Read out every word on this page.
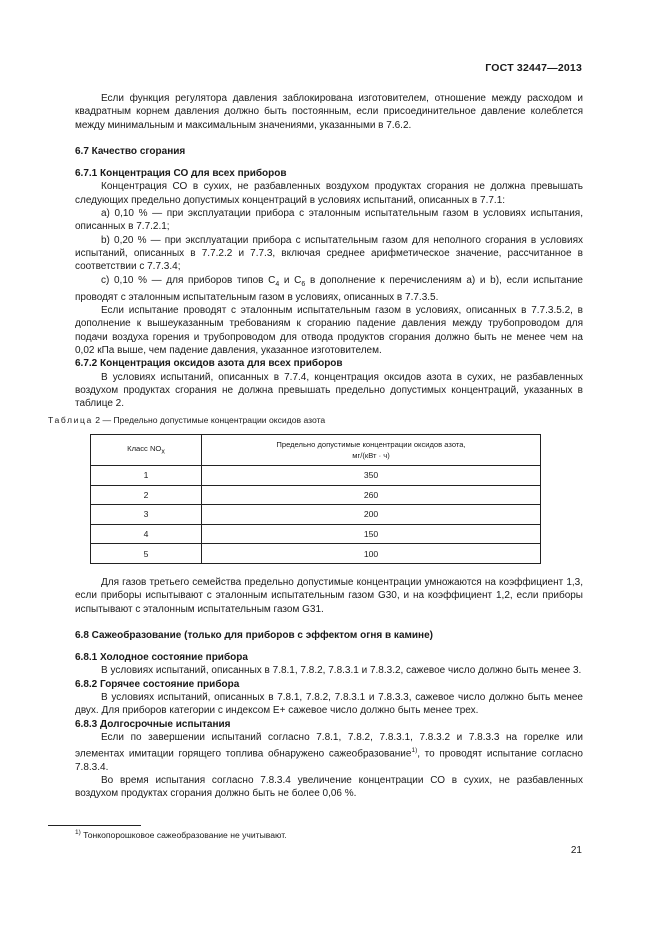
ГОСТ 32447—2013

Если функция регулятора давления заблокирована изготовителем, отношение между расходом и квадратным корнем давления должно быть постоянным, если присоединительное давление колеблется между минимальным и максимальным значениями, указанными в 7.6.2.

6.7 Качество сгорания

6.7.1 Концентрация СО для всех приборов

Концентрация СО в сухих, не разбавленных воздухом продуктах сгорания не должна превышать следующих предельно допустимых концентраций в условиях испытаний, описанных в 7.7.1:

a) 0,10 % — при эксплуатации прибора с эталонным испытательным газом в условиях испытания, описанных в 7.7.2.1;

b) 0,20 % — при эксплуатации прибора с испытательным газом для неполного сгорания в условиях испытаний, описанных в 7.7.2.2 и 7.7.3, включая среднее арифметическое значение, рассчитанное в соответствии с 7.7.3.4;

c) 0,10 % — для приборов типов $С_4$ и $С_6$ в дополнение к перечислениям a) и b), если испытание проводят с эталонным испытательным газом в условиях, описанных в 7.7.3.5.

Если испытание проводят с эталонным испытательным газом в условиях, описанных в 7.7.3.5.2, в дополнение к вышеуказанным требованиям к сгоранию падение давления между трубопроводом для подачи воздуха горения и трубопроводом для отвода продуктов сгорания должно быть не менее чем на 0,02 кПа выше, чем падение давления, указанное изготовителем.

6.7.2 Концентрация оксидов азота для всех приборов

В условиях испытаний, описанных в 7.7.4, концентрация оксидов азота в сухих, не разбавленных воздухом продуктах сгорания не должна превышать предельно допустимых концентраций, указанных в таблице 2.

Таблица 2 — Предельно допустимые концентрации оксидов азота
Класс $NO_x$	Предельно допустимые концентрации оксидов азота,
мг/(кВт · ч)
1	350
2	260
3	200
4	150
5	100

Для газов третьего семейства предельно допустимые концентрации умножаются на коэффициент 1,3, если приборы испытывают с эталонным испытательным газом G30, и на коэффициент 1,2, если приборы испытывают с эталонным испытательным газом G31.

6.8 Сажеобразование (только для приборов с эффектом огня в камине)

6.8.1 Холодное состояние прибора

В условиях испытаний, описанных в 7.8.1, 7.8.2, 7.8.3.1 и 7.8.3.2, сажевое число должно быть менее 3.

6.8.2 Горячее состояние прибора

В условиях испытаний, описанных в 7.8.1, 7.8.2, 7.8.3.1 и 7.8.3.3, сажевое число должно быть менее двух. Для приборов категории с индексом Е+ сажевое число должно быть менее трех.

6.8.3 Долгосрочные испытания

Если по завершении испытаний согласно 7.8.1, 7.8.2, 7.8.3.1, 7.8.3.2 и 7.8.3.3 на горелке или элементах имитации горящего топлива обнаружено сажеобразование$^{1)}$, то проводят испытание согласно 7.8.3.4.

Во время испытания согласно 7.8.3.4 увеличение концентрации СО в сухих, не разбавленных воздухом продуктах сгорания должно быть не более 0,06 %.

$^{1)}$ Тонкопорошковое сажеобразование не учитывают.
21
